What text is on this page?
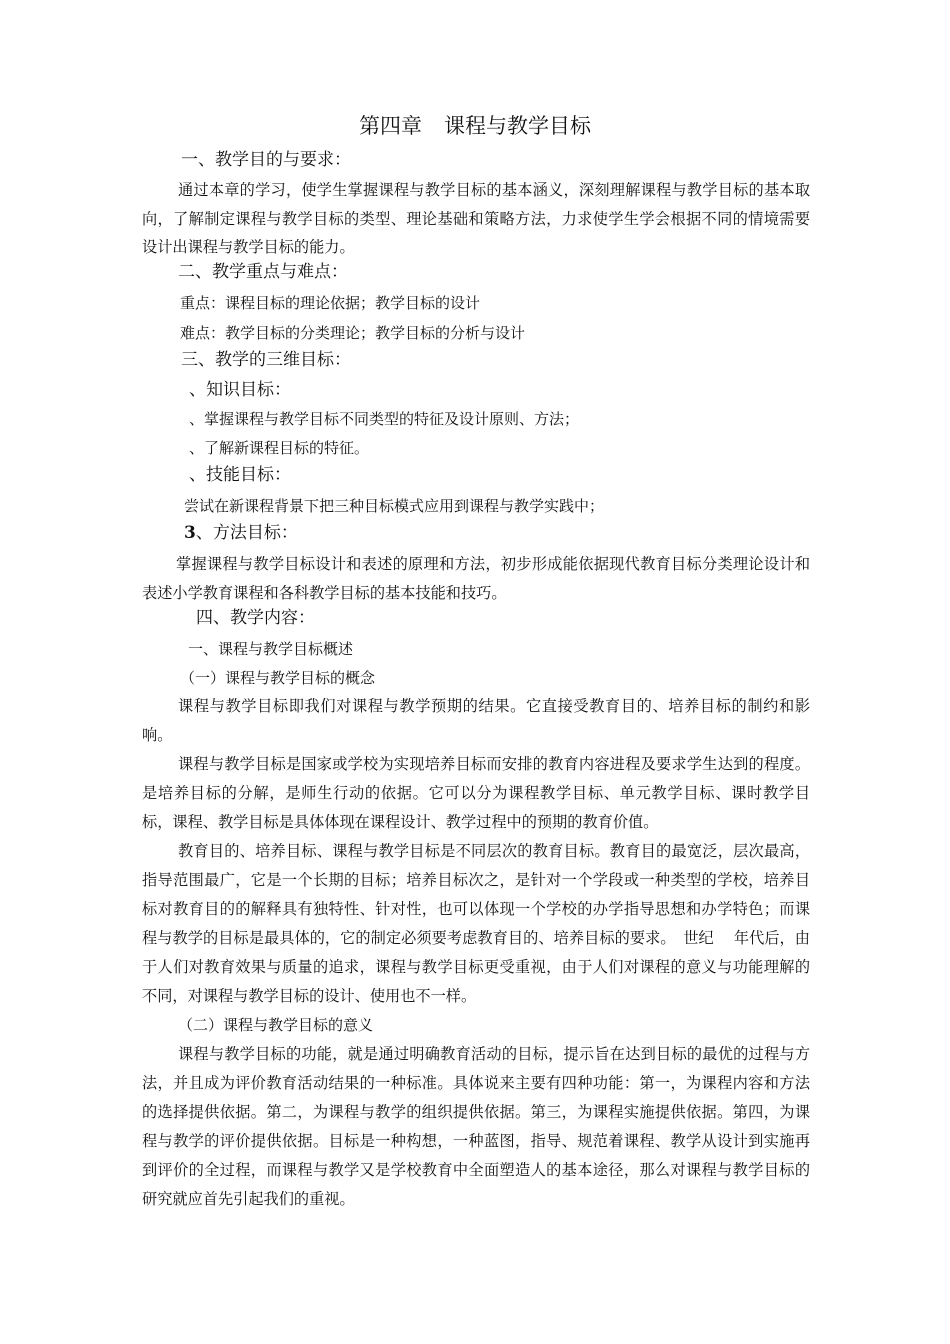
第四章 课程与教学目标
一、教学目的与要求：
通过本章的学习，使学生掌握课程与教学目标的基本涵义，深刻理解课程与教学目标的基本取向，了解制定课程与教学目标的类型、理论基础和策略方法，力求使学生学会根据不同的情境需要设计出课程与教学目标的能力。
二、教学重点与难点：
重点：课程目标的理论依据；教学目标的设计
难点：教学目标的分类理论；教学目标的分析与设计
三、教学的三维目标：
、知识目标：
、掌握课程与教学目标不同类型的特征及设计原则、方法；
、了解新课程目标的特征。
、技能目标：
尝试在新课程背景下把三种目标模式应用到课程与教学实践中；
3、方法目标：
掌握课程与教学目标设计和表述的原理和方法，初步形成能依据现代教育目标分类理论设计和表述小学教育课程和各科教学目标的基本技能和技巧。
四、教学内容：
一、课程与教学目标概述
（一）课程与教学目标的概念
课程与教学目标即我们对课程与教学预期的结果。它直接受教育目的、培养目标的制约和影响。
课程与教学目标是国家或学校为实现培养目标而安排的教育内容进程及要求学生达到的程度。是培养目标的分解，是师生行动的依据。它可以分为课程教学目标、单元教学目标、课时教学目标，课程、教学目标是具体体现在课程设计、教学过程中的预期的教育价值。
教育目的、培养目标、课程与教学目标是不同层次的教育目标。教育目的最宽泛，层次最高，指导范围最广，它是一个长期的目标；培养目标次之，是针对一个学段或一种类型的学校，培养目标对教育目的的解释具有独特性、针对性，也可以体现一个学校的办学指导思想和办学特色；而课程与教学的目标是最具体的，它的制定必须要考虑教育目的、培养目标的要求。　世纪　 年代后，由于人们对教育效果与质量的追求，课程与教学目标更受重视，由于人们对课程的意义与功能理解的不同，对课程与教学目标的设计、使用也不一样。
（二）课程与教学目标的意义
课程与教学目标的功能，就是通过明确教育活动的目标，提示旨在达到目标的最优的过程与方法，并且成为评价教育活动结果的一种标准。具体说来主要有四种功能：第一，为课程内容和方法的选择提供依据。第二，为课程与教学的组织提供依据。第三，为课程实施提供依据。第四，为课程与教学的评价提供依据。目标是一种构想，一种蓝图，指导、规范着课程、教学从设计到实施再到评价的全过程，而课程与教学又是学校教育中全面塑造人的基本途径，那么对课程与教学目标的研究就应首先引起我们的重视。
